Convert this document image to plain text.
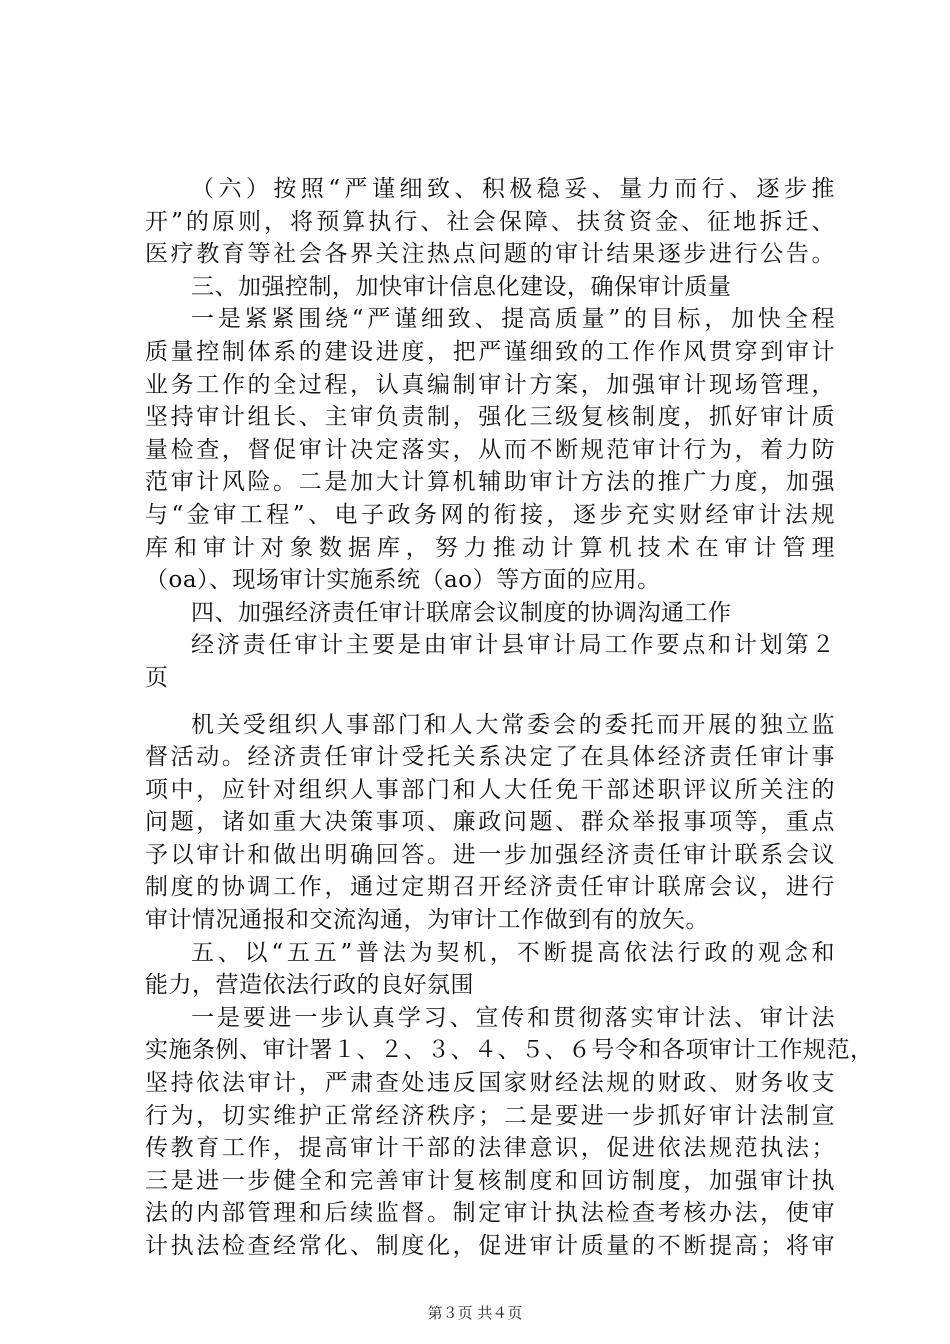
（六）按照“严谨细致、积极稳妥、量力而行、逐步推
开”的原则，将预算执行、社会保障、扶贫资金、征地拆迁、
医疗教育等社会各界关注热点问题的审计结果逐步进行公告。
三、加强控制，加快审计信息化建设，确保审计质量
一是紧紧围绕“严谨细致、提高质量”的目标，加快全程
质量控制体系的建设进度，把严谨细致的工作作风贯穿到审计
业务工作的全过程，认真编制审计方案，加强审计现场管理，
坚持审计组长、主审负责制，强化三级复核制度，抓好审计质
量检查，督促审计决定落实，从而不断规范审计行为，着力防
范审计风险。二是加大计算机辅助审计方法的推广力度，加强
与“金审工程”、电子政务网的衔接，逐步充实财经审计法规
库和审计对象数据库，努力推动计算机技术在审计管理
（oa）、现场审计实施系统（ao）等方面的应用。
四、加强经济责任审计联席会议制度的协调沟通工作
经济责任审计主要是由审计县审计局工作要点和计划第２
页
机关受组织人事部门和人大常委会的委托而开展的独立监
督活动。经济责任审计受托关系决定了在具体经济责任审计事
项中，应针对组织人事部门和人大任免干部述职评议所关注的
问题，诸如重大决策事项、廉政问题、群众举报事项等，重点
予以审计和做出明确回答。进一步加强经济责任审计联系会议
制度的协调工作，通过定期召开经济责任审计联席会议，进行
审计情况通报和交流沟通，为审计工作做到有的放矢。
五、以“五五”普法为契机，不断提高依法行政的观念和
能力，营造依法行政的良好氛围
一是要进一步认真学习、宣传和贯彻落实审计法、审计法
实施条例、审计署１、２、３、４、５、６号令和各项审计工作规范，
坚持依法审计，严肃查处违反国家财经法规的财政、财务收支
行为，切实维护正常经济秩序；二是要进一步抓好审计法制宣
传教育工作，提高审计干部的法律意识，促进依法规范执法；
三是进一步健全和完善审计复核制度和回访制度，加强审计执
法的内部管理和后续监督。制定审计执法检查考核办法，使审
计执法检查经常化、制度化，促进审计质量的不断提高；将审
第３页 共４页
